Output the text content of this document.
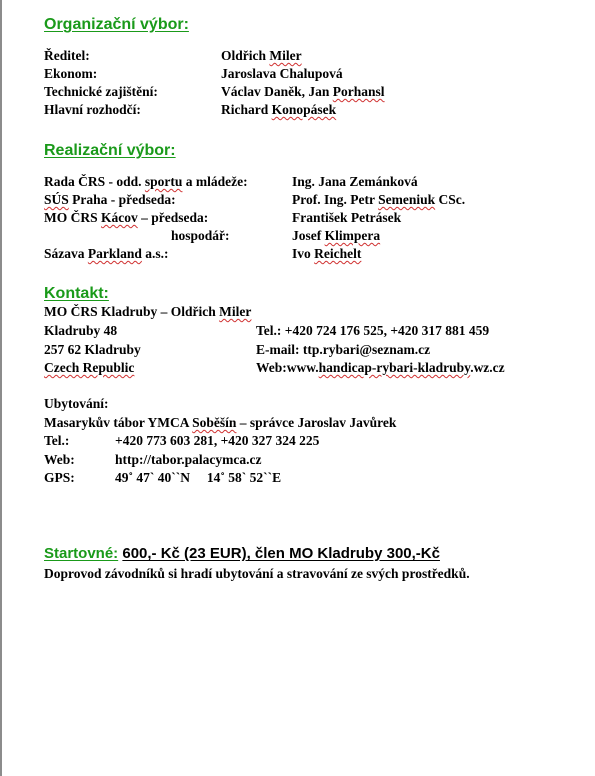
Organizační výbor:
Ředitel:	Oldřich Miler
Ekonom:	Jaroslava Chalupová
Technické zajištění:	Václav Daněk, Jan Porhansl
Hlavní rozhodčí:	Richard Konopásek
Realizační výbor:
Rada ČRS - odd. sportu a mládeže:	Ing. Jana Zemánková
SÚS Praha - předseda:	Prof. Ing. Petr Semeniuk CSc.
MO ČRS Kácov – předseda:	František Petrásek
hospodář:	Josef Klimpera
Sázava Parkland a.s.:	Ivo Reichelt
Kontakt:
MO ČRS Kladruby – Oldřich Miler
Kladruby 48	Tel.: +420 724 176 525, +420 317 881 459
257 62 Kladruby	E-mail: ttp.rybari@seznam.cz
Czech Republic	Web:www.handicap-rybari-kladruby.wz.cz
Ubytování:
Masarykův tábor YMCA Soběšín – správce Jaroslav Javůrek
Tel.:	+420 773 603 281, +420 327 324 225
Web:	http://tabor.palacymca.cz
GPS:	49˚ 47` 40``N     14˚ 58` 52``E
Startovné: 600,- Kč (23 EUR), člen MO Kladruby 300,-Kč
Doprovod závodníků si hradí ubytování a stravování ze svých prostředků.
